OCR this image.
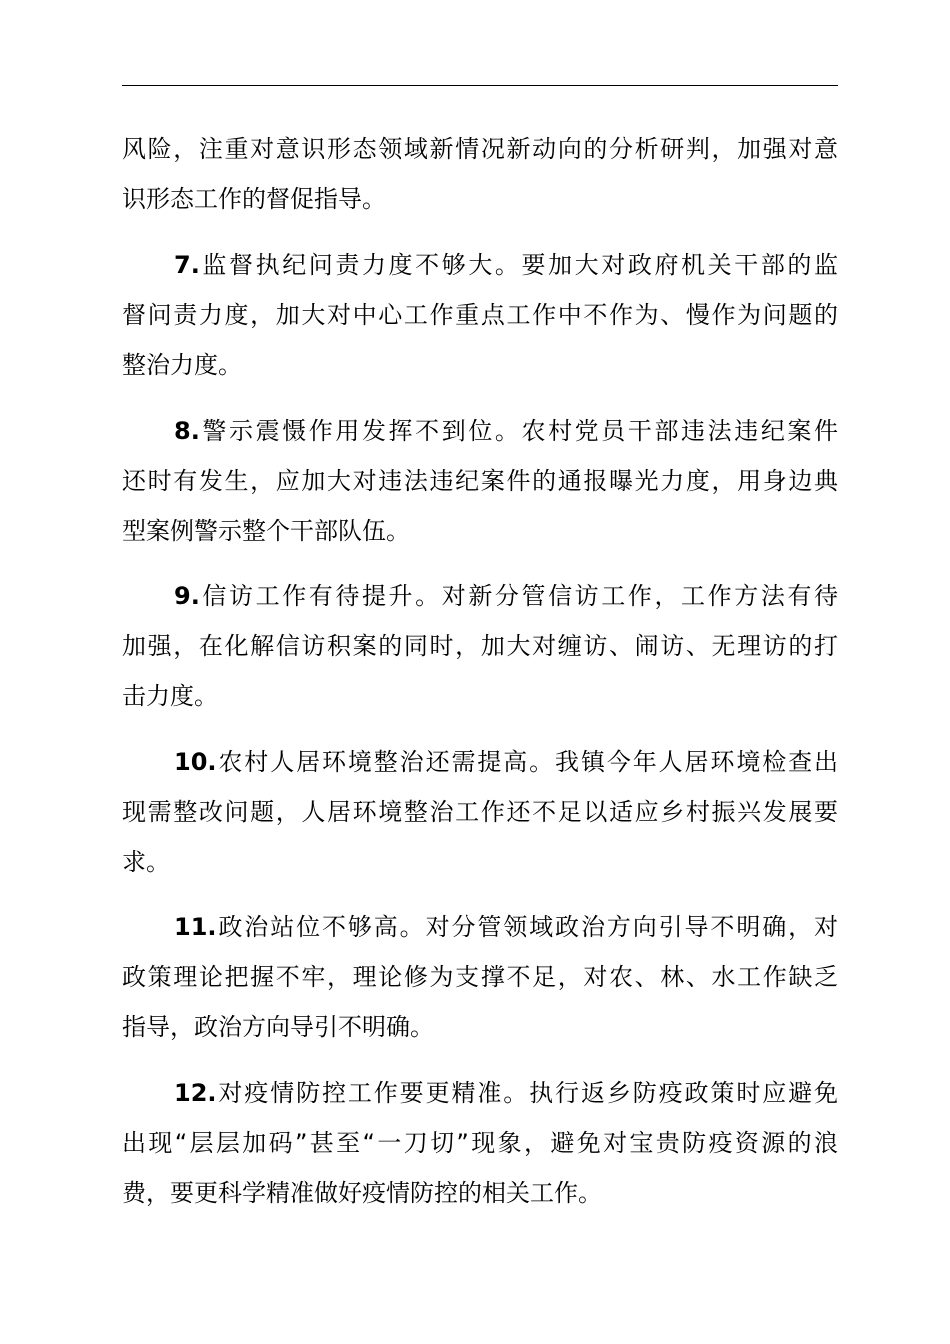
风险，注重对意识形态领域新情况新动向的分析研判，加强对意
识形态工作的督促指导。
7.监督执纪问责力度不够大。要加大对政府机关干部的监
督问责力度，加大对中心工作重点工作中不作为、慢作为问题的
整治力度。
8.警示震慑作用发挥不到位。农村党员干部违法违纪案件
还时有发生，应加大对违法违纪案件的通报曝光力度，用身边典
型案例警示整个干部队伍。
9.信访工作有待提升。对新分管信访工作，工作方法有待
加强，在化解信访积案的同时，加大对缠访、闹访、无理访的打
击力度。
10.农村人居环境整治还需提高。我镇今年人居环境检查出
现需整改问题，人居环境整治工作还不足以适应乡村振兴发展要
求。
11.政治站位不够高。对分管领域政治方向引导不明确，对
政策理论把握不牢，理论修为支撑不足，对农、林、水工作缺乏
指导，政治方向导引不明确。
12.对疫情防控工作要更精准。执行返乡防疫政策时应避免
出现“层层加码”甚至“一刀切”现象，避免对宝贵防疫资源的浪
费，要更科学精准做好疫情防控的相关工作。
